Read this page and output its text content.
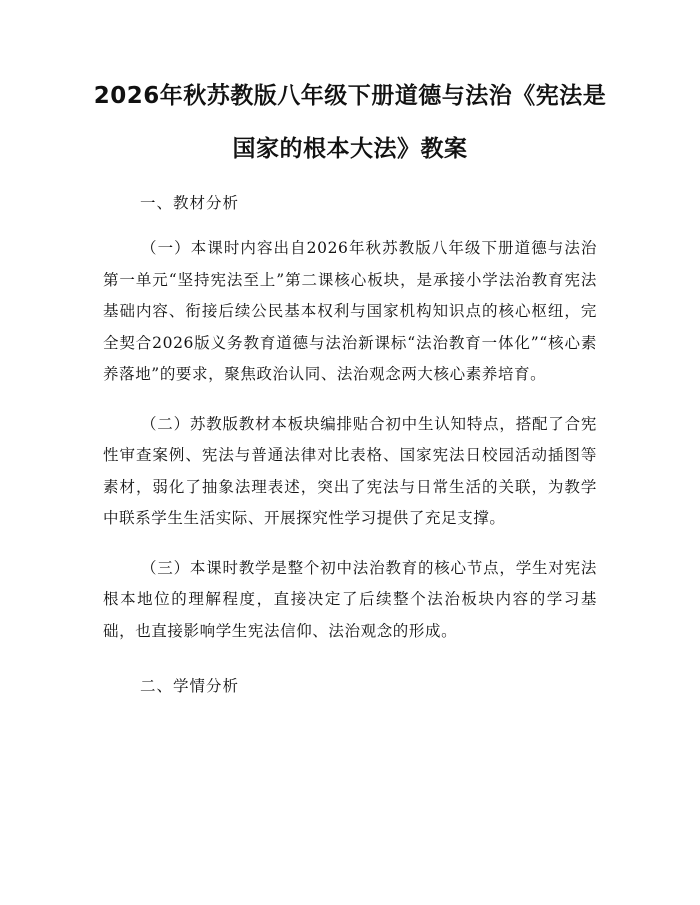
2026年秋苏教版八年级下册道德与法治《宪法是国家的根本大法》教案
一、教材分析

（一）本课时内容出自2026年秋苏教版八年级下册道德与法治第一单元“坚持宪法至上”第二课核心板块，是承接小学法治教育宪法基础内容、衔接后续公民基本权利与国家机构知识点的核心枢纽，完全契合2026版义务教育道德与法治新课标“法治教育一体化”“核心素养落地”的要求，聚焦政治认同、法治观念两大核心素养培育。

（二）苏教版教材本板块编排贴合初中生认知特点，搭配了合宪性审查案例、宪法与普通法律对比表格、国家宪法日校园活动插图等素材，弱化了抽象法理表述，突出了宪法与日常生活的关联，为教学中联系学生生活实际、开展探究性学习提供了充足支撑。

（三）本课时教学是整个初中法治教育的核心节点，学生对宪法根本地位的理解程度，直接决定了后续整个法治板块内容的学习基础，也直接影响学生宪法信仰、法治观念的形成。

二、学情分析
